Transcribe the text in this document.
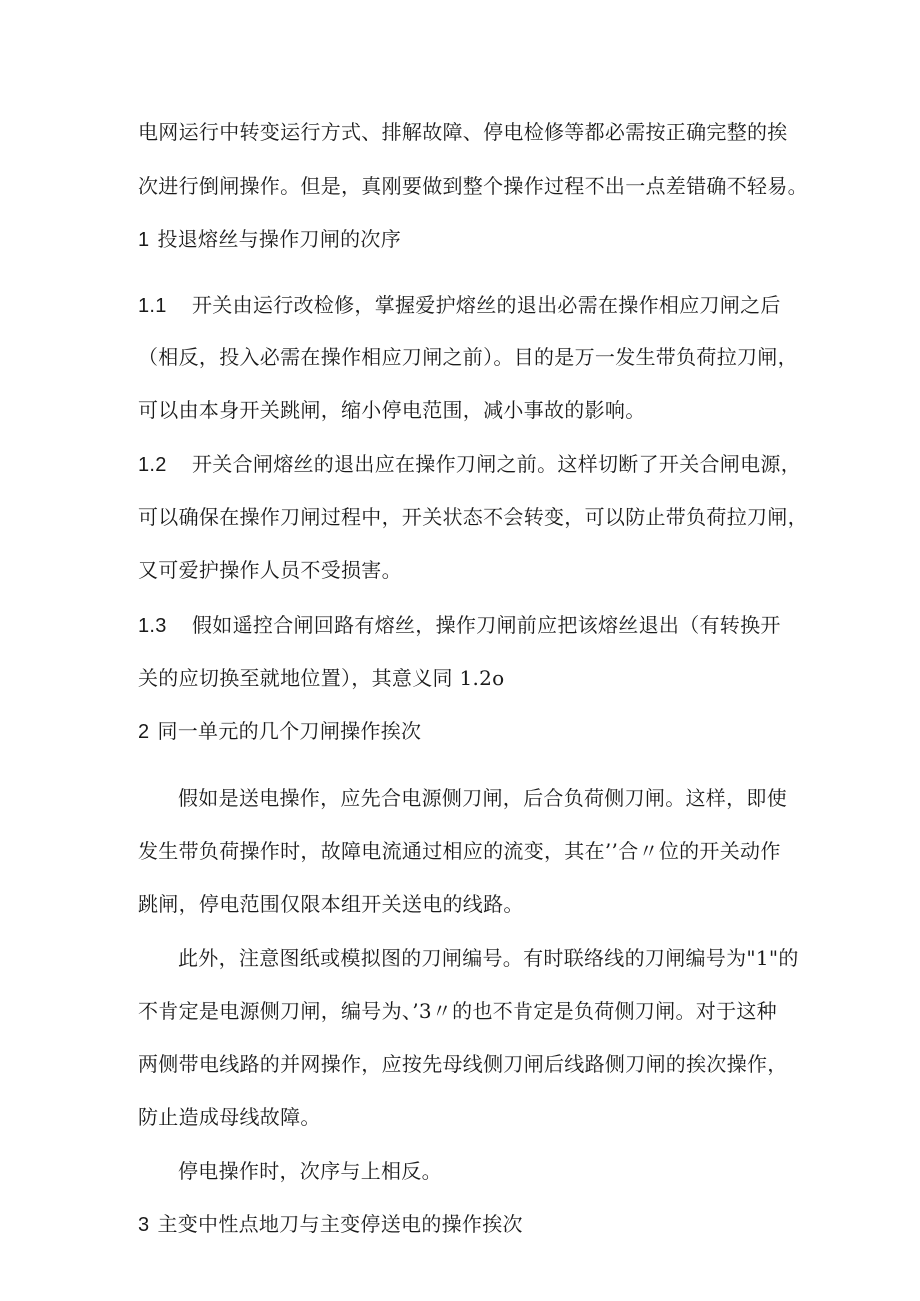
电网运行中转变运行方式、排解故障、停电检修等都必需按正确完整的挨
次进行倒闸操作。但是，真刚要做到整个操作过程不出一点差错确不轻易。
1 投退熔丝与操作刀闸的次序
1.1 开关由运行改检修，掌握爱护熔丝的退出必需在操作相应刀闸之后
（相反，投入必需在操作相应刀闸之前）。目的是万一发生带负荷拉刀闸，
可以由本身开关跳闸，缩小停电范围，减小事故的影响。
1.2 开关合闸熔丝的退出应在操作刀闸之前。这样切断了开关合闸电源，
可以确保在操作刀闸过程中，开关状态不会转变，可以防止带负荷拉刀闸，
又可爱护操作人员不受损害。
1.3 假如遥控合闸回路有熔丝，操作刀闸前应把该熔丝退出（有转换开
关的应切换至就地位置），其意义同 1.2o
2 同一单元的几个刀闸操作挨次
假如是送电操作，应先合电源侧刀闸，后合负荷侧刀闸。这样，即使
发生带负荷操作时，故障电流通过相应的流变，其在’’合〃位的开关动作
跳闸，停电范围仅限本组开关送电的线路。
此外，注意图纸或模拟图的刀闸编号。有时联络线的刀闸编号为"1"的
不肯定是电源侧刀闸，编号为、’3〃的也不肯定是负荷侧刀闸。对于这种
两侧带电线路的并网操作，应按先母线侧刀闸后线路侧刀闸的挨次操作，
防止造成母线故障。
停电操作时，次序与上相反。
3 主变中性点地刀与主变停送电的操作挨次
